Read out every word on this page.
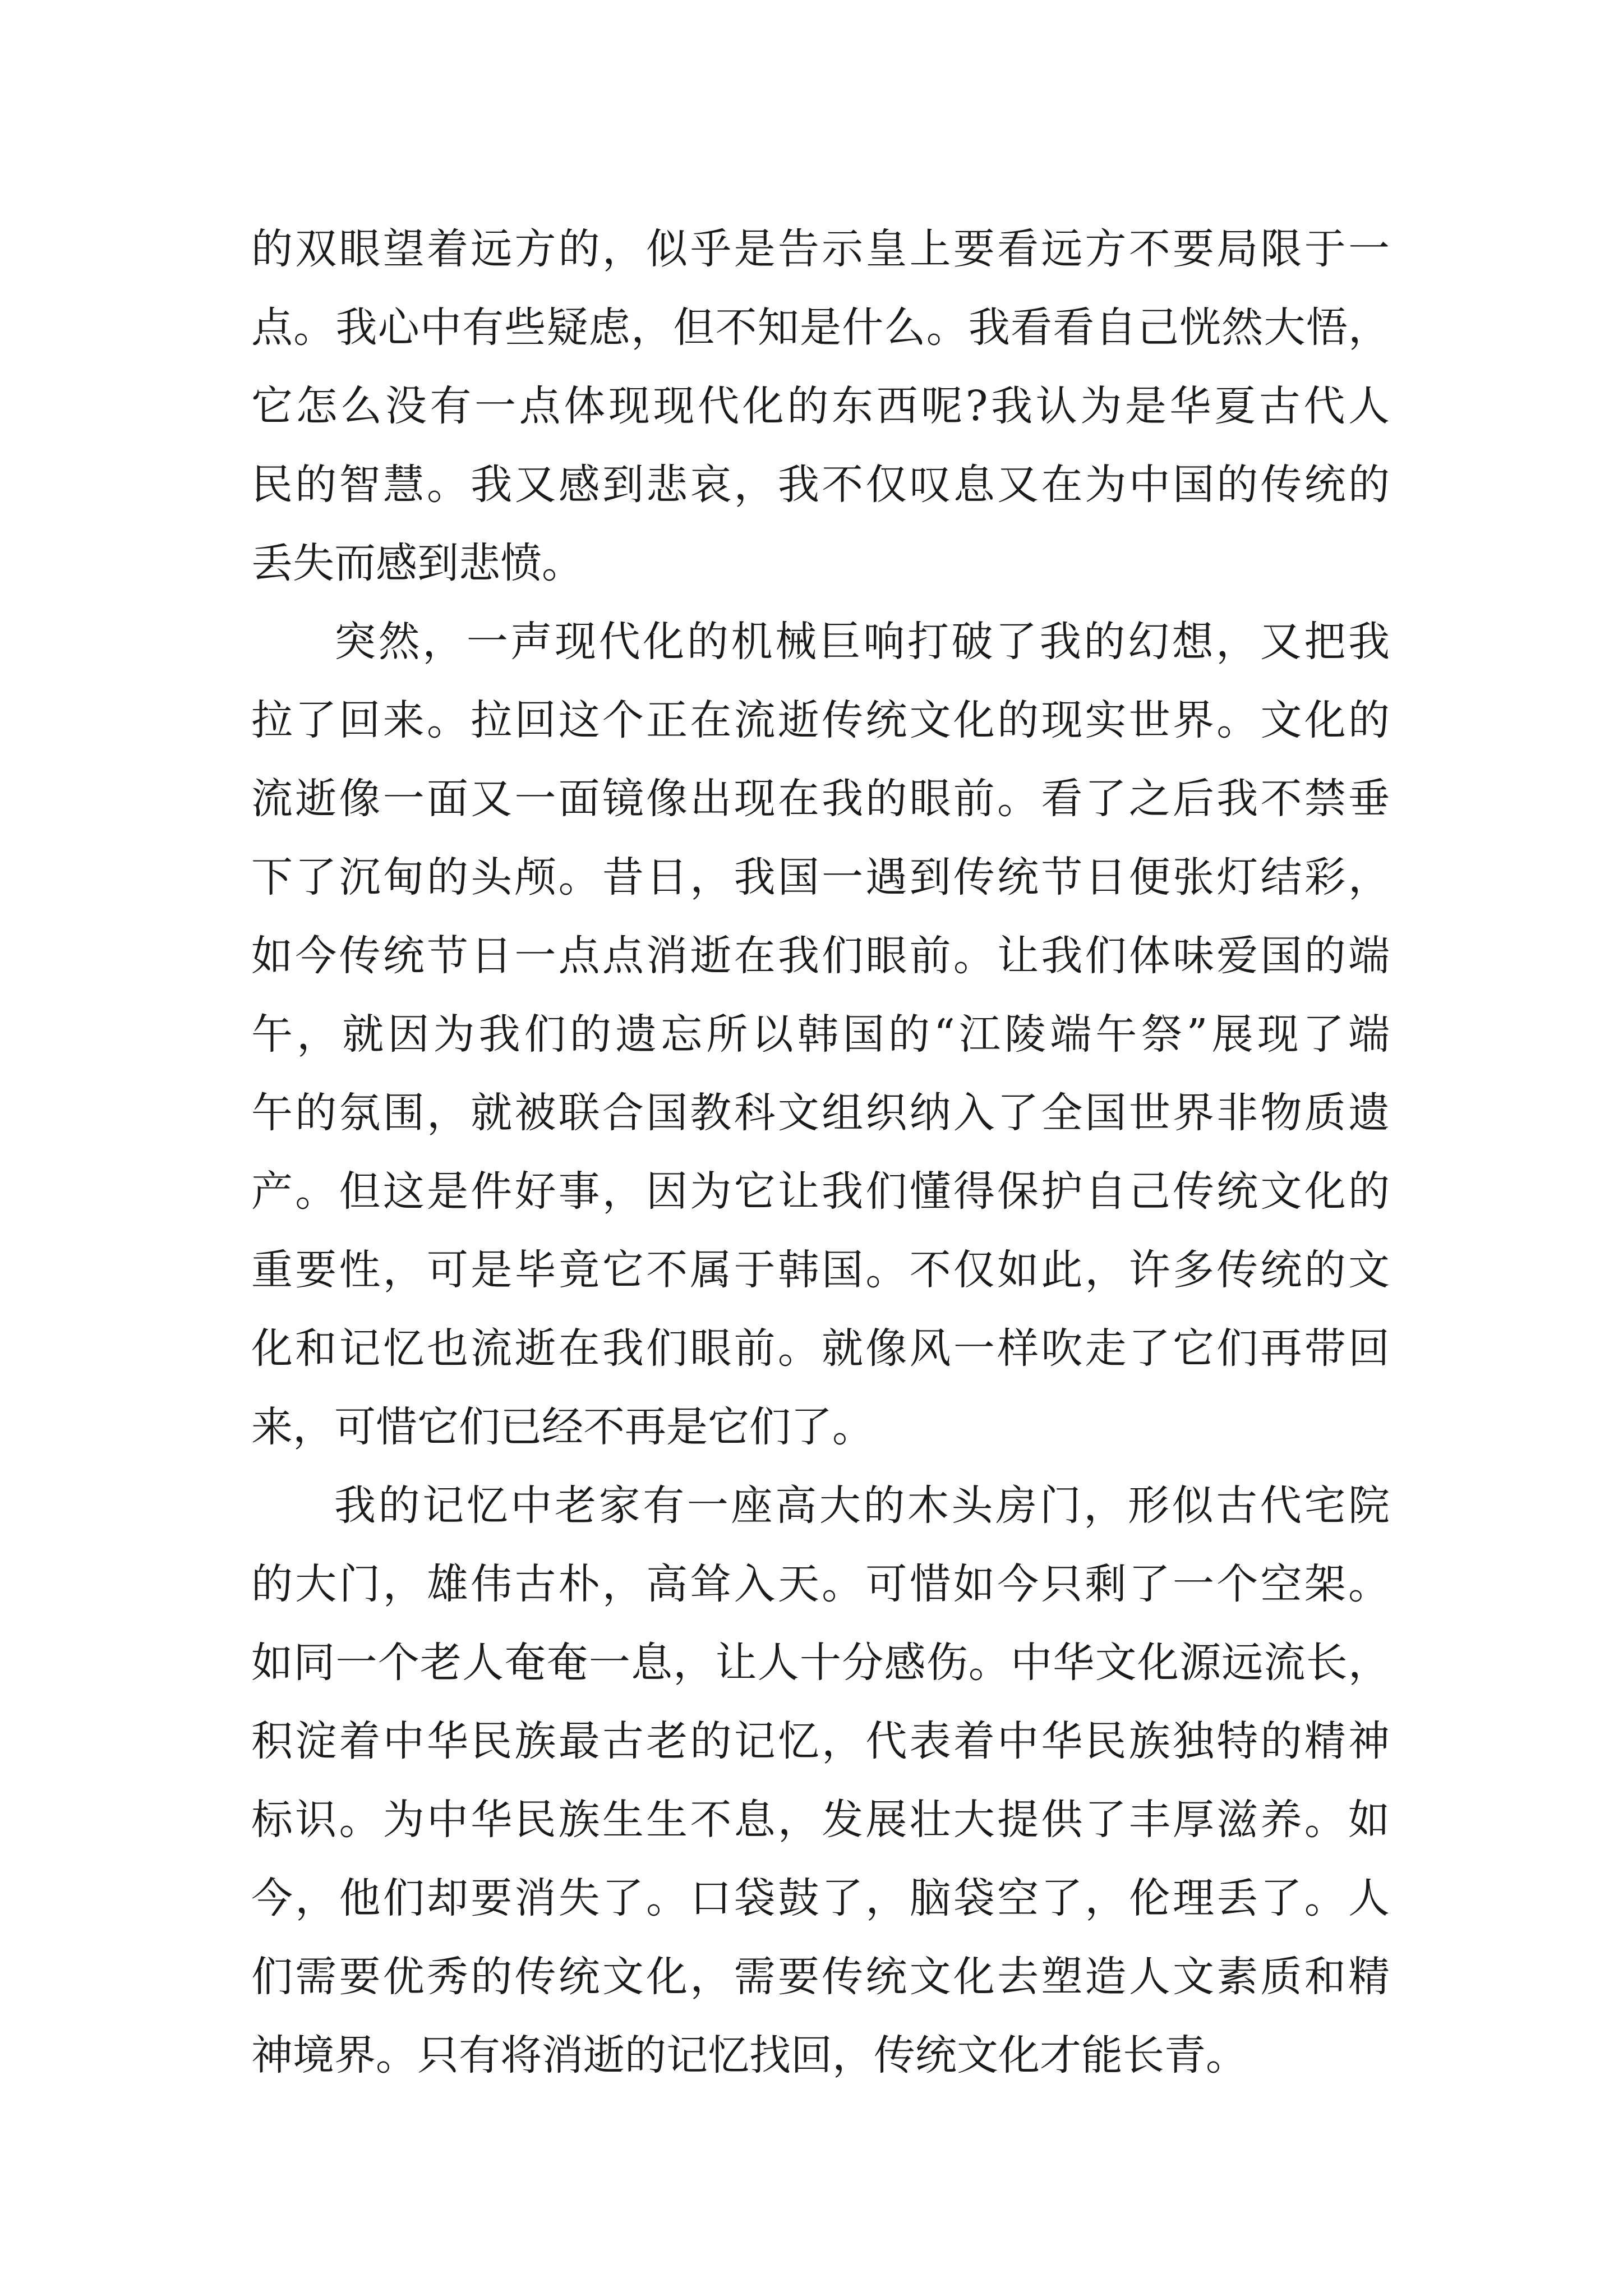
的双眼望着远方的，似乎是告示皇上要看远方不要局限于一
点。我心中有些疑虑，但不知是什么。我看看自己恍然大悟，
它怎么没有一点体现现代化的东西呢?我认为是华夏古代人
民的智慧。我又感到悲哀，我不仅叹息又在为中国的传统的
丢失而感到悲愤。
突然，一声现代化的机械巨响打破了我的幻想，又把我
拉了回来。拉回这个正在流逝传统文化的现实世界。文化的
流逝像一面又一面镜像出现在我的眼前。看了之后我不禁垂
下了沉甸的头颅。昔日，我国一遇到传统节日便张灯结彩，
如今传统节日一点点消逝在我们眼前。让我们体味爱国的端
午，就因为我们的遗忘所以韩国的“江陵端午祭”展现了端
午的氛围，就被联合国教科文组织纳入了全国世界非物质遗
产。但这是件好事，因为它让我们懂得保护自己传统文化的
重要性，可是毕竟它不属于韩国。不仅如此，许多传统的文
化和记忆也流逝在我们眼前。就像风一样吹走了它们再带回
来，可惜它们已经不再是它们了。
我的记忆中老家有一座高大的木头房门，形似古代宅院
的大门，雄伟古朴，高耸入天。可惜如今只剩了一个空架。
如同一个老人奄奄一息，让人十分感伤。中华文化源远流长，
积淀着中华民族最古老的记忆，代表着中华民族独特的精神
标识。为中华民族生生不息，发展壮大提供了丰厚滋养。如
今，他们却要消失了。口袋鼓了，脑袋空了，伦理丢了。人
们需要优秀的传统文化，需要传统文化去塑造人文素质和精
神境界。只有将消逝的记忆找回，传统文化才能长青。
